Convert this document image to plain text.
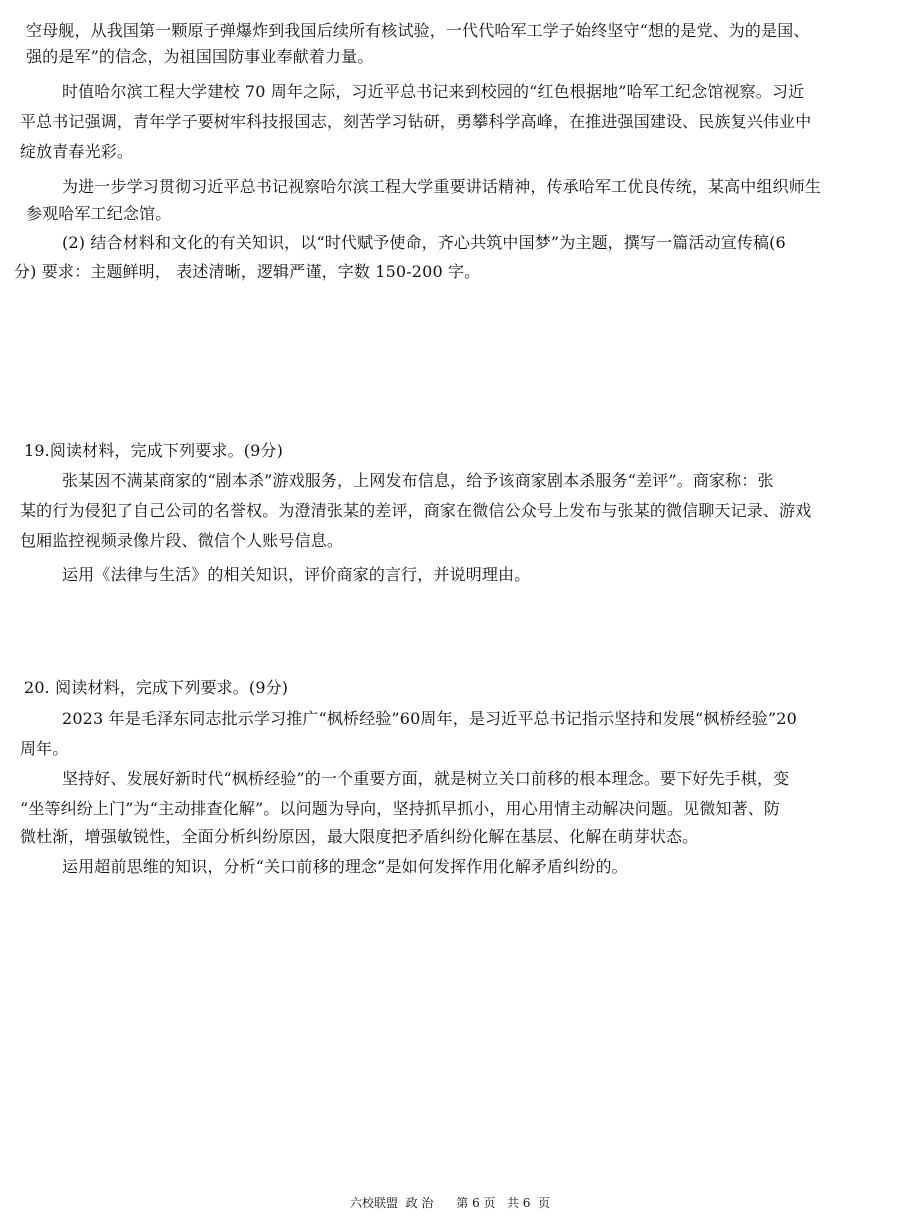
空母舰，从我国第一颗原子弹爆炸到我国后续所有核试验，一代代哈军工学子始终坚守“想的是党、为的是国、

强的是军”的信念，为祖国国防事业奉献着力量。

时值哈尔滨工程大学建校 70 周年之际，习近平总书记来到校园的“红色根据地”哈军工纪念馆视察。习近

平总书记强调，青年学子要树牢科技报国志，刻苦学习钻研，勇攀科学高峰，在推进强国建设、民族复兴伟业中

绽放青春光彩。

为进一步学习贯彻习近平总书记视察哈尔滨工程大学重要讲话精神，传承哈军工优良传统，某高中组织师生

参观哈军工纪念馆。

(2) 结合材料和文化的有关知识，以“时代赋予使命，齐心共筑中国梦”为主题，撰写一篇活动宣传稿(6

分) 要求：主题鲜明， 表述清晰，逻辑严谨，字数 150-200 字。

19.阅读材料，完成下列要求。(9分)

张某因不满某商家的“剧本杀”游戏服务，上网发布信息，给予该商家剧本杀服务“差评”。商家称：张

某的行为侵犯了自己公司的名誉权。为澄清张某的差评，商家在微信公众号上发布与张某的微信聊天记录、游戏

包厢监控视频录像片段、微信个人账号信息。

运用《法律与生活》的相关知识，评价商家的言行，并说明理由。

20. 阅读材料，完成下列要求。(9分)

2023 年是毛泽东同志批示学习推广“枫桥经验”60周年，是习近平总书记指示坚持和发展“枫桥经验”20

周年。

坚持好、发展好新时代“枫桥经验”的一个重要方面，就是树立关口前移的根本理念。要下好先手棋，变

“坐等纠纷上门”为“主动排查化解”。以问题为导向，坚持抓早抓小，用心用情主动解决问题。见微知著、防

微杜渐，增强敏锐性，全面分析纠纷原因，最大限度把矛盾纠纷化解在基层、化解在萌芽状态。

运用超前思维的知识，分析“关口前移的理念”是如何发挥作用化解矛盾纠纷的。

六校联盟  政 治      第 6 页   共 6  页
